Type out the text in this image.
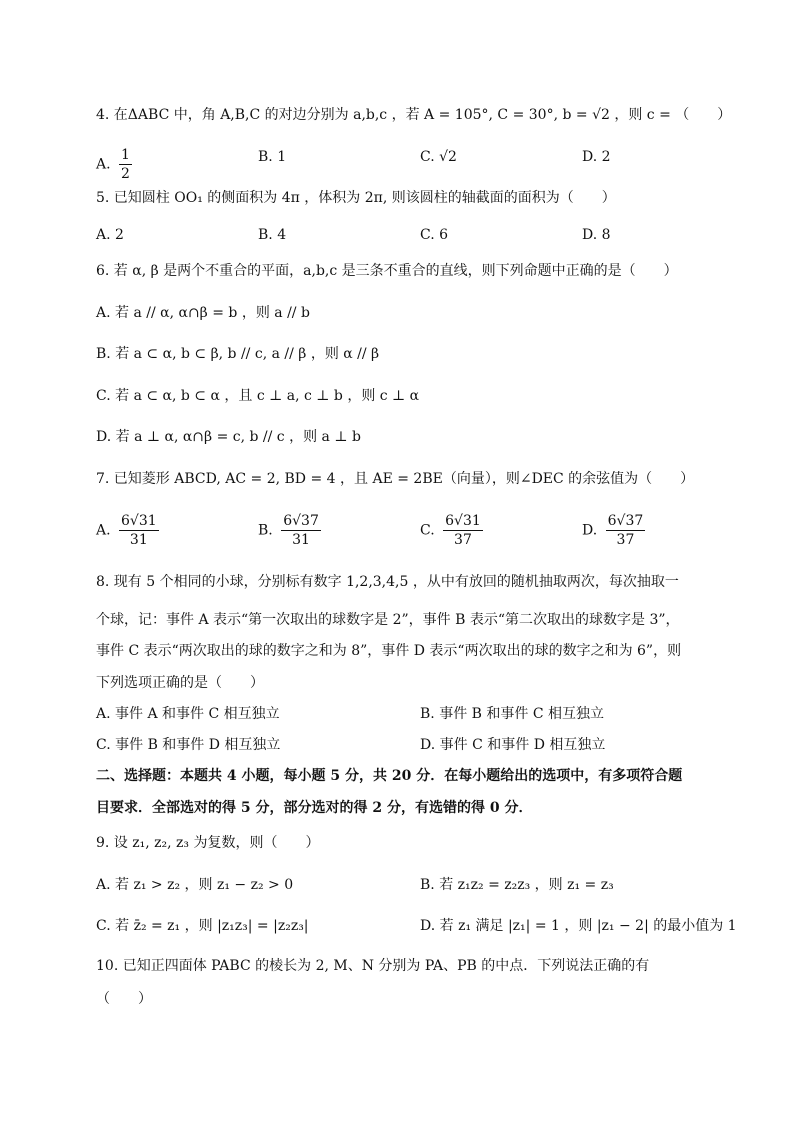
4. 在ΔABC 中，角 A,B,C 的对边分别为 a,b,c ，若 A = 105°, C = 30°, b = √2 ，则 c = （　　）
A. $\frac{1}{2}$	B. 1	C. √2	D. 2
5. 已知圆柱 OO₁ 的侧面积为 4π ，体积为 2π, 则该圆柱的轴截面的面积为（　　）
A. 2	B. 4	C. 6	D. 8
6. 若 α, β 是两个不重合的平面，a,b,c 是三条不重合的直线，则下列命题中正确的是（　　）
A. 若 a // α, α∩β = b ，则 a // b
B. 若 a ⊂ α, b ⊂ β, b // c, a // β ，则 α // β
C. 若 a ⊂ α, b ⊂ α ，且 c ⊥ a, c ⊥ b ，则 c ⊥ α
D. 若 a ⊥ α, α∩β = c, b // c ，则 a ⊥ b
7. 已知菱形 ABCD, AC = 2, BD = 4 ，且 AE = 2BE（向量），则∠DEC 的余弦值为（　　）
A. $\frac{6√31}{31}$	B. $\frac{6√37}{31}$	C. $\frac{6√31}{37}$	D. $\frac{6√37}{37}$
8. 现有 5 个相同的小球，分别标有数字 1,2,3,4,5 ，从中有放回的随机抽取两次，每次抽取一
个球，记：事件 A 表示“第一次取出的球数字是 2”，事件 B 表示“第二次取出的球数字是 3”，
事件 C 表示“两次取出的球的数字之和为 8”，事件 D 表示“两次取出的球的数字之和为 6”，则
下列选项正确的是（　　）
A. 事件 A 和事件 C 相互独立	B. 事件 B 和事件 C 相互独立
C. 事件 B 和事件 D 相互独立	D. 事件 C 和事件 D 相互独立
二、选择题：本题共 4 小题，每小题 5 分，共 20 分．在每小题给出的选项中，有多项符合题
目要求．全部选对的得 5 分，部分选对的得 2 分，有选错的得 0 分．
9. 设 z₁, z₂, z₃ 为复数，则（　　）
A. 若 z₁ > z₂ ，则 z₁ − z₂ > 0	B. 若 z₁z₂ = z₂z₃ ，则 z₁ = z₃
C. 若 z̄₂ = z₁ ，则 |z₁z₃| = |z₂z₃|	D. 若 z₁ 满足 |z₁| = 1 ，则 |z₁ − 2| 的最小值为 1
10. 已知正四面体 PABC 的棱长为 2, M、N 分别为 PA、PB 的中点．下列说法正确的有
（　　）
